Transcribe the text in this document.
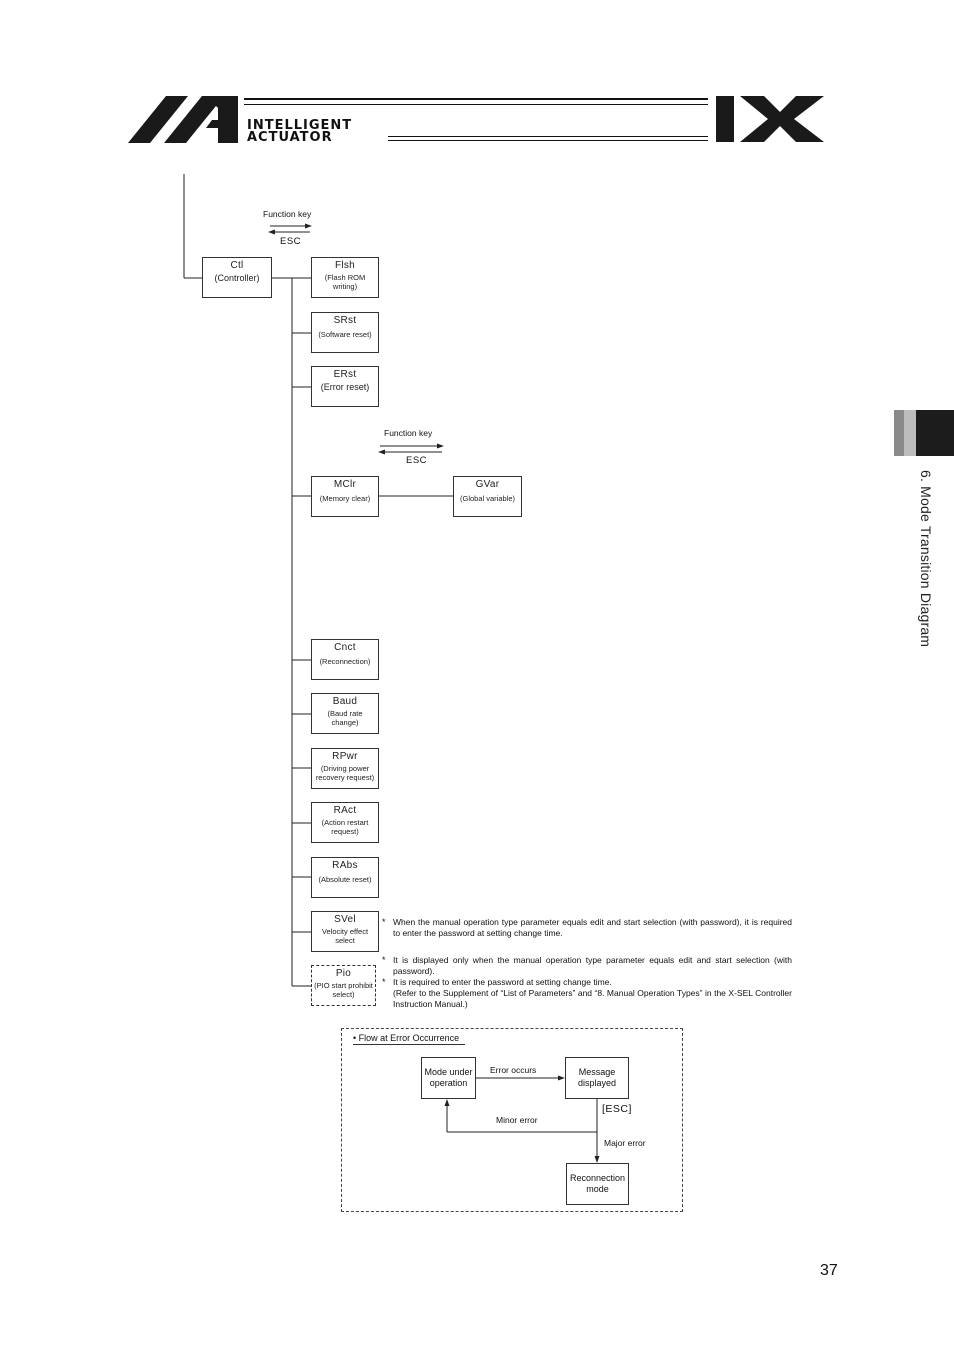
INTELLIGENT
ACTUATOR
6. Mode Transition Diagram
Function key
ESC
Function key
ESC
Ctl
(Controller)
Flsh
(Flash ROM writing)
SRst
(Software reset)
ERst
(Error reset)
MClr
(Memory clear)
GVar
(Global variable)
Cnct
(Reconnection)
Baud
(Baud rate change)
RPwr
(Driving power recovery request)
RAct
(Action restart request)
RAbs
(Absolute reset)
SVel
Velocity effect select
Pio
(PIO start prohibit select)
* When the manual operation type parameter equals edit and start selection (with password), it is required to enter the password at setting change time.
* It is displayed only when the manual operation type parameter equals edit and start selection (with password).
* It is required to enter the password at setting change time.
(Refer to the Supplement of “List of Parameters” and “8. Manual Operation Types” in the X-SEL Controller Instruction Manual.)
• Flow at Error Occurrence
Mode under operation
Message displayed
Reconnection mode
Error occurs
Minor error
Major error
[ESC]
37
